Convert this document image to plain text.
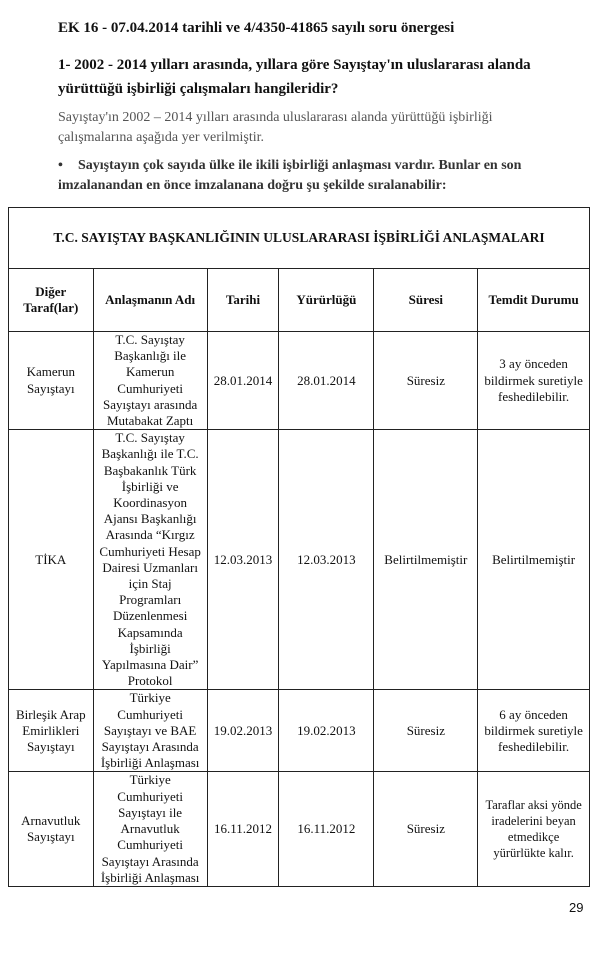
EK 16 - 07.04.2014 tarihli ve 4/4350-41865 sayılı soru önergesi
1- 2002 - 2014 yılları arasında, yıllara göre Sayıştay'ın uluslararası alanda
yürüttüğü işbirliği çalışmaları hangileridir?
Sayıştay'ın 2002 – 2014 yılları arasında uluslararası alanda yürüttüğü işbirliği
çalışmalarına aşağıda yer verilmiştir.
• Sayıştayın çok sayıda ülke ile ikili işbirliği anlaşması vardır. Bunlar en son
imzalanandan en önce imzalanana doğru şu şekilde sıralanabilir:
T.C. SAYIŞTAY BAŞKANLIĞININ ULUSLARARASI İŞBİRLİĞİ ANLAŞMALARI					
Diğer Taraf(lar)	Anlaşmanın Adı	Tarihi	Yürürlüğü	Süresi	Temdit Durumu
Kamerun Sayıştayı	T.C. Sayıştay Başkanlığı ile Kamerun Cumhuriyeti Sayıştayı arasında Mutabakat Zaptı	28.01.2014	28.01.2014	Süresiz	3 ay önceden bildirmek suretiyle feshedilebilir.
TİKA	T.C. Sayıştay Başkanlığı ile T.C. Başbakanlık Türk İşbirliği ve Koordinasyon Ajansı Başkanlığı Arasında “Kırgız Cumhuriyeti Hesap Dairesi Uzmanları için Staj Programları Düzenlenmesi Kapsamında İşbirliği Yapılmasına Dair” Protokol	12.03.2013	12.03.2013	Belirtilmemiştir	Belirtilmemiştir
Birleşik Arap Emirlikleri Sayıştayı	Türkiye Cumhuriyeti Sayıştayı ve BAE Sayıştayı Arasında İşbirliği Anlaşması	19.02.2013	19.02.2013	Süresiz	6 ay önceden bildirmek suretiyle feshedilebilir.
Arnavutluk Sayıştayı	Türkiye Cumhuriyeti Sayıştayı ile Arnavutluk Cumhuriyeti Sayıştayı Arasında İşbirliği Anlaşması	16.11.2012	16.11.2012	Süresiz	Taraflar aksi yönde iradelerini beyan etmedikçe yürürlükte kalır.
29
